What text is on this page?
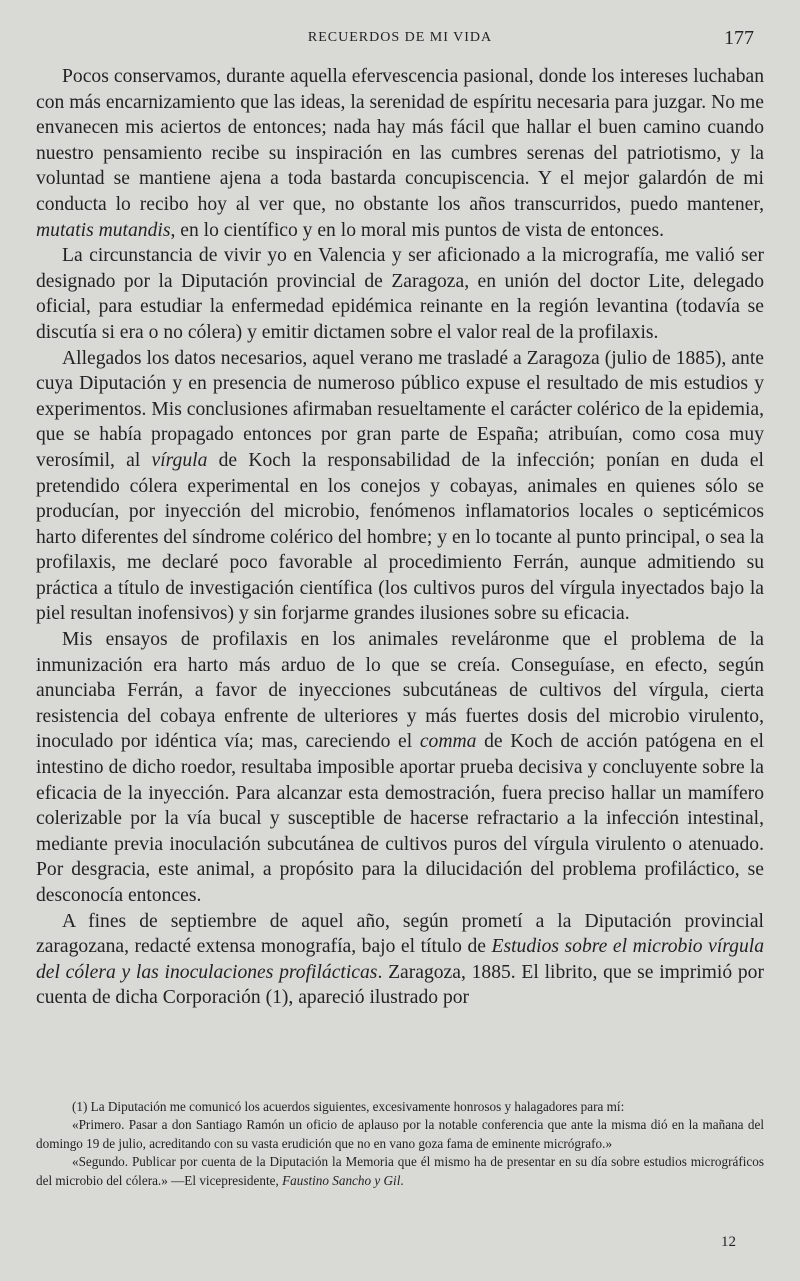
RECUERDOS DE MI VIDA	177

Pocos conservamos, durante aquella efervescencia pasional, donde los intereses luchaban con más encarnizamiento que las ideas, la serenidad de espíritu necesaria para juzgar. No me envanecen mis aciertos de entonces; nada hay más fácil que hallar el buen camino cuando nuestro pensamiento recibe su inspiración en las cumbres serenas del patriotismo, y la voluntad se mantiene ajena a toda bastarda concupiscencia. Y el mejor galardón de mi conducta lo recibo hoy al ver que, no obstante los años transcurridos, puedo mantener, mutatis mutandis, en lo científico y en lo moral mis puntos de vista de entonces.

La circunstancia de vivir yo en Valencia y ser aficionado a la micrografía, me valió ser designado por la Diputación provincial de Zaragoza, en unión del doctor Lite, delegado oficial, para estudiar la enfermedad epidémica reinante en la región levantina (todavía se discutía si era o no cólera) y emitir dictamen sobre el valor real de la profilaxis.

Allegados los datos necesarios, aquel verano me trasladé a Zaragoza (julio de 1885), ante cuya Diputación y en presencia de numeroso público expuse el resultado de mis estudios y experimentos. Mis conclusiones afirmaban resueltamente el carácter colérico de la epidemia, que se había propagado entonces por gran parte de España; atribuían, como cosa muy verosímil, al vírgula de Koch la responsabilidad de la infección; ponían en duda el pretendido cólera experimental en los conejos y cobayas, animales en quienes sólo se producían, por inyección del microbio, fenómenos inflamatorios locales o septicémicos harto diferentes del síndrome colérico del hombre; y en lo tocante al punto principal, o sea la profilaxis, me declaré poco favorable al procedimiento Ferrán, aunque admitiendo su práctica a título de investigación científica (los cultivos puros del vírgula inyectados bajo la piel resultan inofensivos) y sin forjarme grandes ilusiones sobre su eficacia.

Mis ensayos de profilaxis en los animales reveláronme que el problema de la inmunización era harto más arduo de lo que se creía. Conseguíase, en efecto, según anunciaba Ferrán, a favor de inyecciones subcutáneas de cultivos del vírgula, cierta resistencia del cobaya enfrente de ulteriores y más fuertes dosis del microbio virulento, inoculado por idéntica vía; mas, careciendo el comma de Koch de acción patógena en el intestino de dicho roedor, resultaba imposible aportar prueba decisiva y concluyente sobre la eficacia de la inyección. Para alcanzar esta demostración, fuera preciso hallar un mamífero colerizable por la vía bucal y susceptible de hacerse refractario a la infección intestinal, mediante previa inoculación subcutánea de cultivos puros del vírgula virulento o atenuado. Por desgracia, este animal, a propósito para la dilucidación del problema profiláctico, se desconocía entonces.

A fines de septiembre de aquel año, según prometí a la Diputación provincial zaragozana, redacté extensa monografía, bajo el título de Estudios sobre el microbio vírgula del cólera y las inoculaciones profilácticas. Zaragoza, 1885. El librito, que se imprimió por cuenta de dicha Corporación (1), apareció ilustrado por

(1) La Diputación me comunicó los acuerdos siguientes, excesivamente honrosos y halagadores para mí:

«Primero. Pasar a don Santiago Ramón un oficio de aplauso por la notable conferencia que ante la misma dió en la mañana del domingo 19 de julio, acreditando con su vasta erudición que no en vano goza fama de eminente micrógrafo.»

«Segundo. Publicar por cuenta de la Diputación la Memoria que él mismo ha de presentar en su día sobre estudios micrográficos del microbio del cólera.» —El vicepresidente, Faustino Sancho y Gil.

12
